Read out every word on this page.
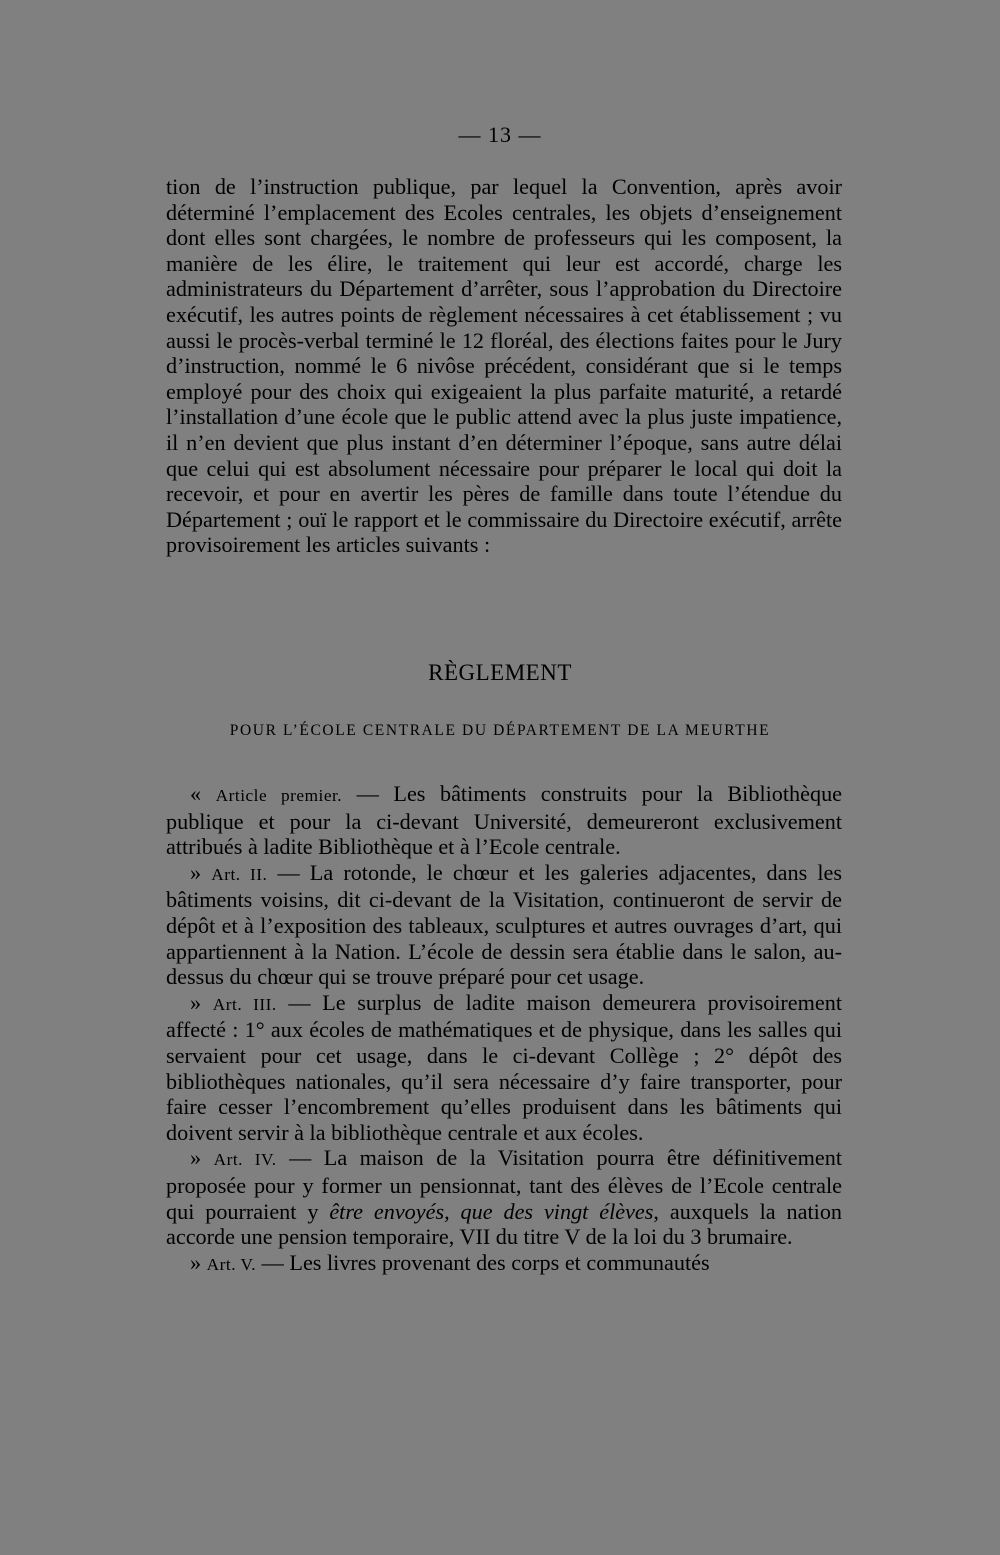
— 13 —

tion de l’instruction publique, par lequel la Convention, après avoir déterminé l’emplacement des Ecoles centrales, les objets d’enseignement dont elles sont chargées, le nombre de professeurs qui les composent, la manière de les élire, le traitement qui leur est accordé, charge les administrateurs du Département d’arrêter, sous l’approbation du Directoire exécutif, les autres points de règlement nécessaires à cet établissement ; vu aussi le procès-verbal terminé le 12 floréal, des élections faites pour le Jury d’instruction, nommé le 6 nivôse précédent, considérant que si le temps employé pour des choix qui exigeaient la plus parfaite maturité, a retardé l’installation d’une école que le public attend avec la plus juste impatience, il n’en devient que plus instant d’en déterminer l’époque, sans autre délai que celui qui est absolument nécessaire pour préparer le local qui doit la recevoir, et pour en avertir les pères de famille dans toute l’étendue du Département ; ouï le rapport et le commissaire du Directoire exécutif, arrête provisoirement les articles suivants :

RÈGLEMENT
POUR L’ÉCOLE CENTRALE DU DÉPARTEMENT DE LA MEURTHE

« Article premier. — Les bâtiments construits pour la Bibliothèque publique et pour la ci-devant Université, demeureront exclusivement attribués à ladite Bibliothèque et à l’Ecole centrale.

» Art. II. — La rotonde, le chœur et les galeries adjacentes, dans les bâtiments voisins, dit ci-devant de la Visitation, continueront de servir de dépôt et à l’exposition des tableaux, sculptures et autres ouvrages d’art, qui appartiennent à la Nation. L’école de dessin sera établie dans le salon, au-dessus du chœur qui se trouve préparé pour cet usage.

» Art. III. — Le surplus de ladite maison demeurera provisoirement affecté : 1° aux écoles de mathématiques et de physique, dans les salles qui servaient pour cet usage, dans le ci-devant Collège ; 2° dépôt des bibliothèques nationales, qu’il sera nécessaire d’y faire transporter, pour faire cesser l’encombrement qu’elles produisent dans les bâtiments qui doivent servir à la bibliothèque centrale et aux écoles.

» Art. IV. — La maison de la Visitation pourra être définitivement proposée pour y former un pensionnat, tant des élèves de l’Ecole centrale qui pourraient y être envoyés, que des vingt élèves, auxquels la nation accorde une pension temporaire, VII du titre V de la loi du 3 brumaire.

» Art. V. — Les livres provenant des corps et communautés
